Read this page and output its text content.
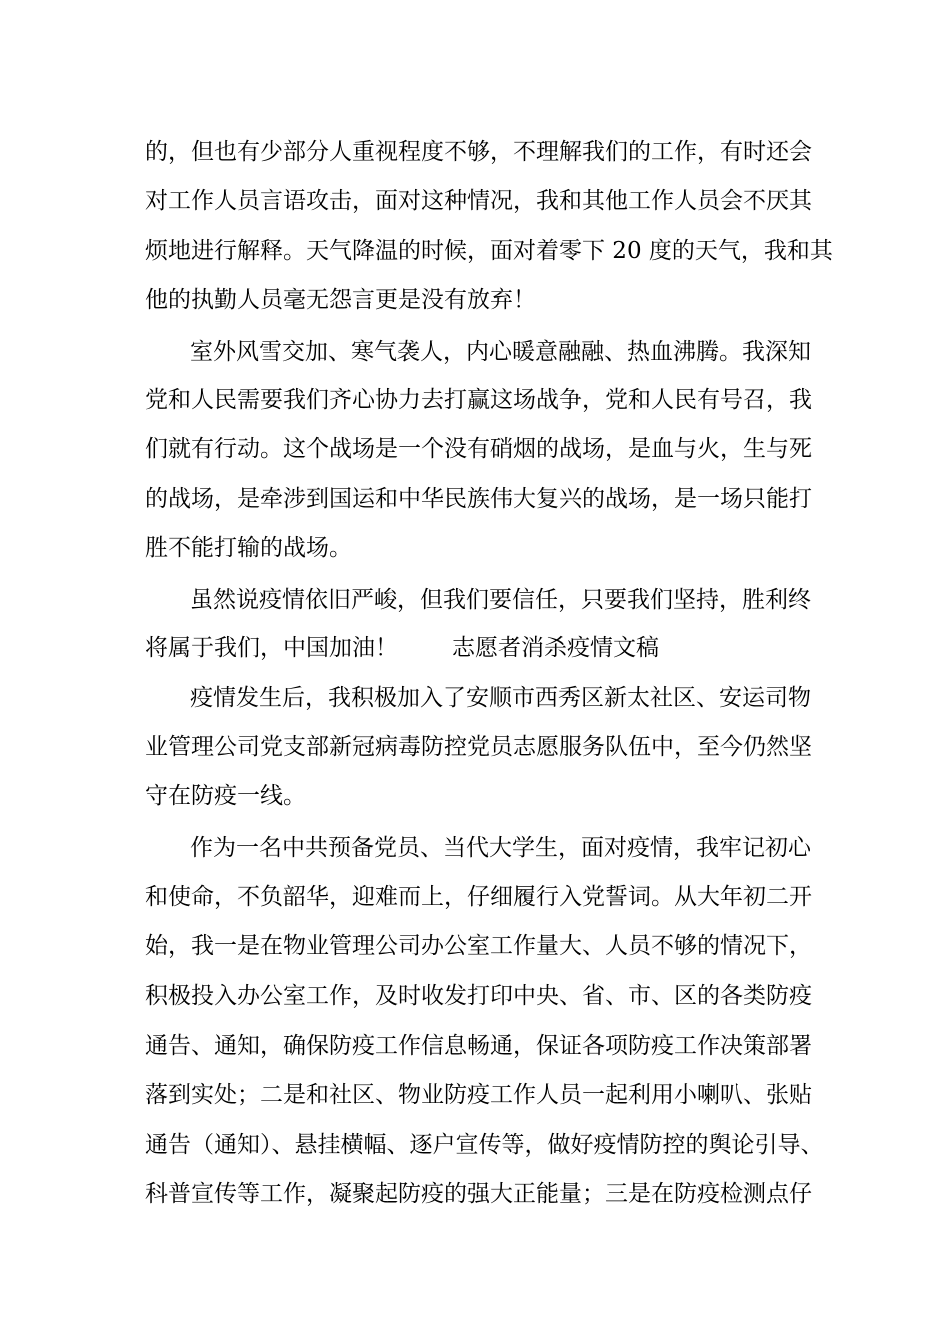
的，但也有少部分人重视程度不够，不理解我们的工作，有时还会
对工作人员言语攻击，面对这种情况，我和其他工作人员会不厌其
烦地进行解释。天气降温的时候，面对着零下 20 度的天气，我和其
他的执勤人员毫无怨言更是没有放弃！
室外风雪交加、寒气袭人，内心暖意融融、热血沸腾。我深知
党和人民需要我们齐心协力去打赢这场战争，党和人民有号召，我
们就有行动。这个战场是一个没有硝烟的战场，是血与火，生与死
的战场，是牵涉到国运和中华民族伟大复兴的战场，是一场只能打
胜不能打输的战场。
虽然说疫情依旧严峻，但我们要信任，只要我们坚持，胜利终
将属于我们，中国加油！ 志愿者消杀疫情文稿
疫情发生后，我积极加入了安顺市西秀区新太社区、安运司物
业管理公司党支部新冠病毒防控党员志愿服务队伍中，至今仍然坚
守在防疫一线。
作为一名中共预备党员、当代大学生，面对疫情，我牢记初心
和使命，不负韶华，迎难而上，仔细履行入党誓词。从大年初二开
始，我一是在物业管理公司办公室工作量大、人员不够的情况下，
积极投入办公室工作，及时收发打印中央、省、市、区的各类防疫
通告、通知，确保防疫工作信息畅通，保证各项防疫工作决策部署
落到实处；二是和社区、物业防疫工作人员一起利用小喇叭、张贴
通告（通知）、悬挂横幅、逐户宣传等，做好疫情防控的舆论引导、
科普宣传等工作，凝聚起防疫的强大正能量；三是在防疫检测点仔
